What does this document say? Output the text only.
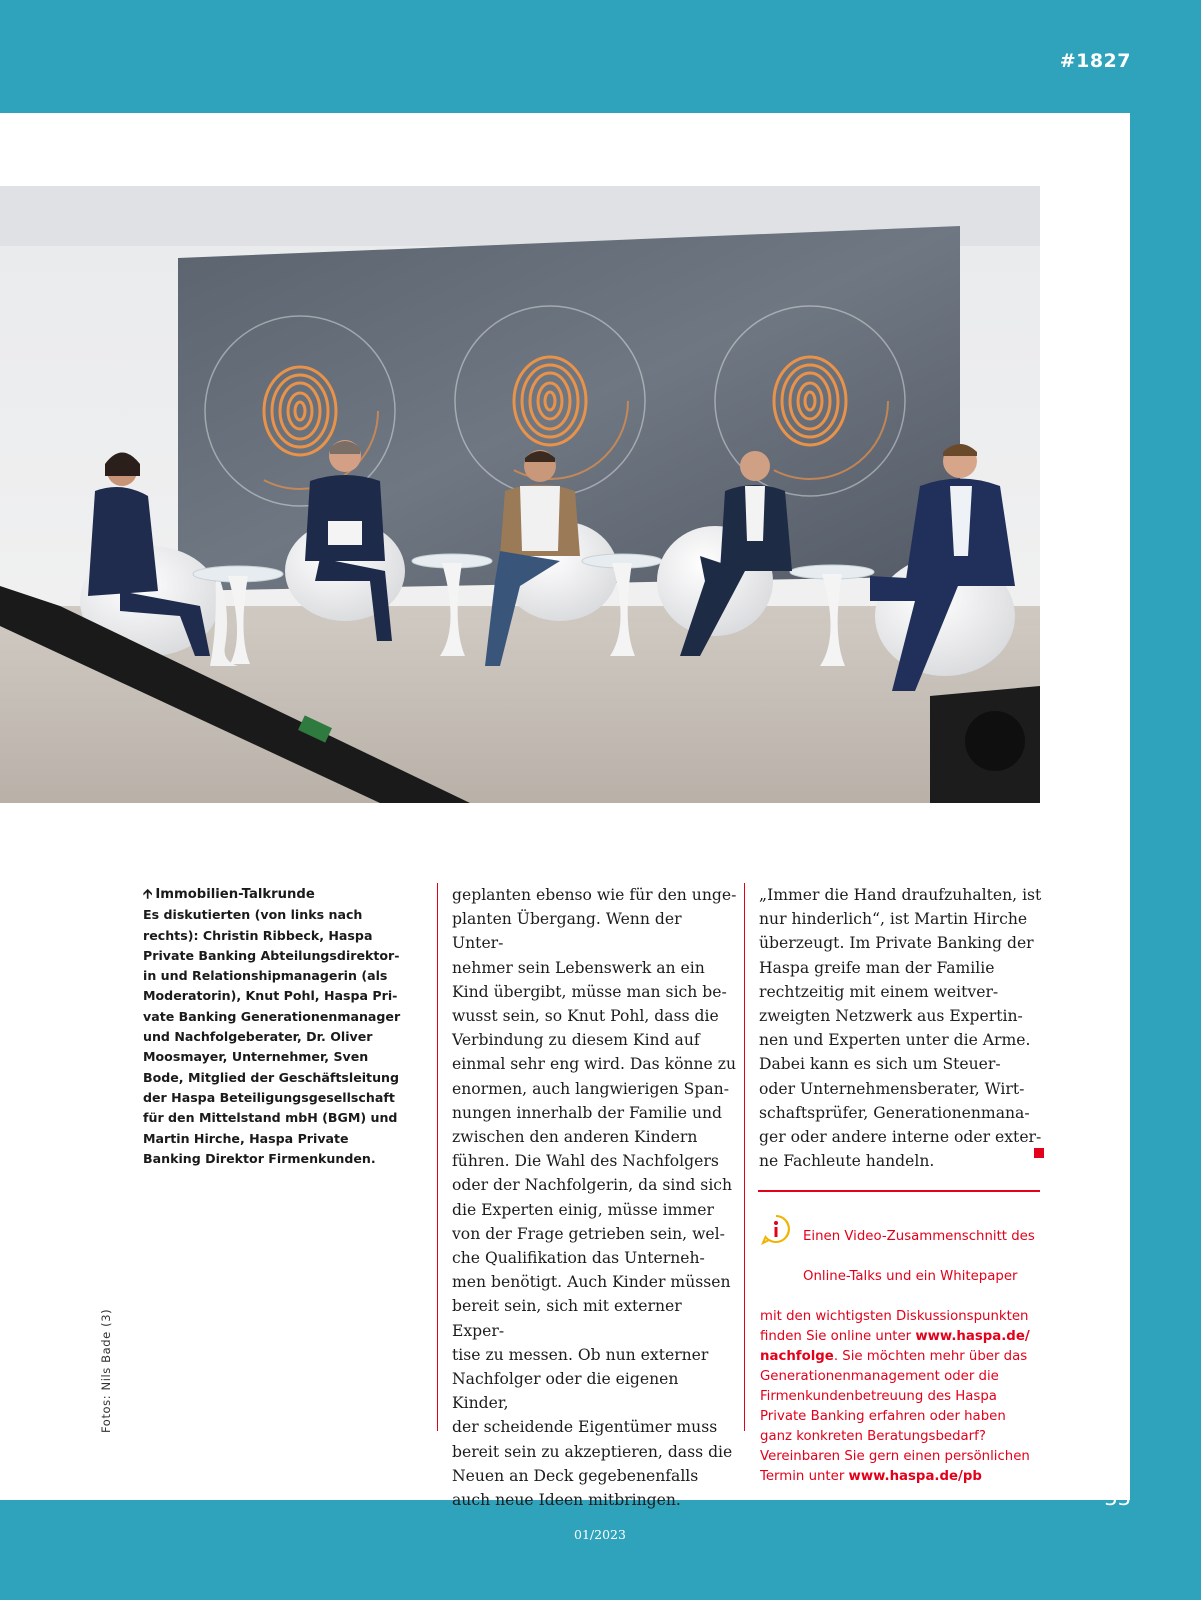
#1827
🡩 Immobilien-Talkrunde
Es diskutierten (von links nach rechts): Christin Ribbeck, Haspa Private Banking Abteilungsdirektorin und Relationshipmanagerin (als Moderatorin), Knut Pohl, Haspa Private Banking Generationenmanager und Nachfolgeberater, Dr. Oliver Moosmayer, Unternehmer, Sven Bode, Mitglied der Geschäftsleitung der Haspa Beteiligungsgesellschaft für den Mittelstand mbH (BGM) und Martin Hirche, Haspa Private Banking Direktor Firmenkunden.
Fotos: Nils Bade (3)

geplanten ebenso wie für den unge-
planten Übergang. Wenn der Unter-
nehmer sein Lebenswerk an ein
Kind übergibt, müsse man sich be-
wusst sein, so Knut Pohl, dass die
Verbindung zu diesem Kind auf
einmal sehr eng wird. Das könne zu
enormen, auch langwierigen Span-
nungen innerhalb der Familie und
zwischen den anderen Kindern
führen. Die Wahl des Nachfolgers
oder der Nachfolgerin, da sind sich
die Experten einig, müsse immer
von der Frage getrieben sein, wel-
che Qualifikation das Unterneh-
men benötigt. Auch Kinder müssen
bereit sein, sich mit externer Exper-
tise zu messen. Ob nun externer
Nachfolger oder die eigenen Kinder,
der scheidende Eigentümer muss
bereit sein zu akzeptieren, dass die
Neuen an Deck gegebenenfalls
auch neue Ideen mitbringen.

„Immer die Hand draufzuhalten, ist
nur hinderlich“, ist Martin Hirche
überzeugt. Im Private Banking der
Haspa greife man der Familie
rechtzeitig mit einem weitver-
zweigten Netzwerk aus Expertin-
nen und Experten unter die Arme.
Dabei kann es sich um Steuer-
oder Unternehmensberater, Wirt-
schaftsprüfer, Generationenmana-
ger oder andere interne oder exter-
ne Fachleute handeln.

Einen Video-Zusammenschnitt des

Online-Talks und ein Whitepaper

mit den wichtigsten Diskussionspunkten
finden Sie online unter www.haspa.de/
nachfolge. Sie möchten mehr über das
Generationenmanagement oder die
Firmenkundenbetreuung des Haspa
Private Banking erfahren oder haben
ganz konkreten Beratungsbedarf?
Vereinbaren Sie gern einen persönlichen
Termin unter www.haspa.de/pb

01/2023
33
